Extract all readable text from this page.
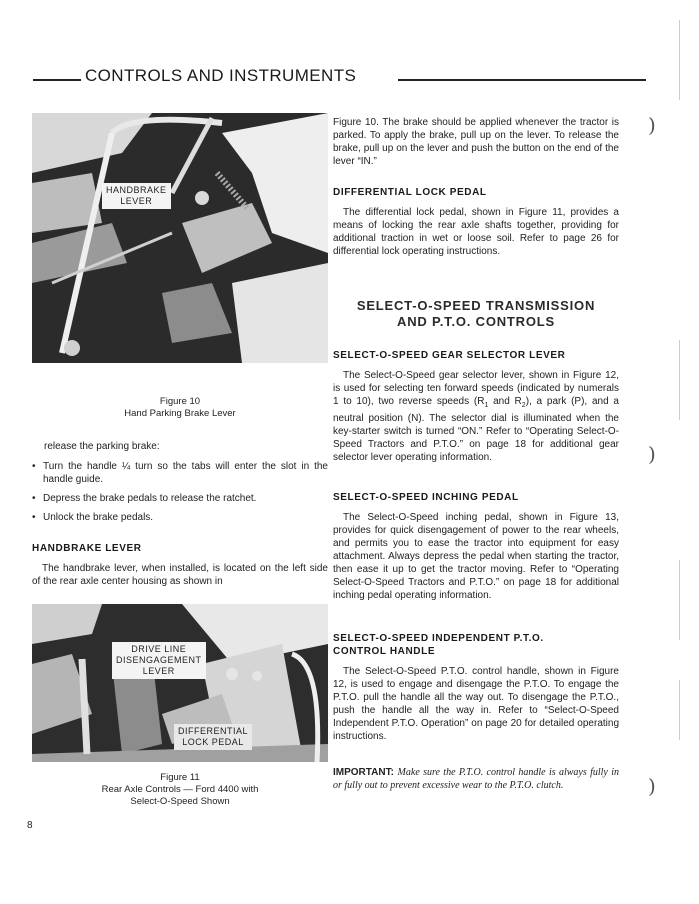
CONTROLS AND INSTRUMENTS
HANDBRAKE
LEVER
Figure 10
Hand Parking Brake Lever
release the parking brake:
• Turn the handle ¼ turn so the tabs will enter the slot in the handle guide.
• Depress the brake pedals to release the ratchet.
• Unlock the brake pedals.
HANDBRAKE LEVER

The handbrake lever, when installed, is located on the left side of the rear axle center housing as shown in

DRIVE LINE
DISENGAGEMENT
LEVER
DIFFERENTIAL
LOCK PEDAL
Figure 11
Rear Axle Controls — Ford 4400 with
Select-O-Speed Shown
8

Figure 10. The brake should be applied whenever the tractor is parked. To apply the brake, pull up on the lever. To release the brake, pull up on the lever and push the button on the end of the lever “IN.”

DIFFERENTIAL LOCK PEDAL

The differential lock pedal, shown in Figure 11, provides a means of locking the rear axle shafts together, providing for additional traction in wet or loose soil. Refer to page 26 for differential lock operating instructions.

SELECT-O-SPEED TRANSMISSION
AND P.T.O. CONTROLS
SELECT-O-SPEED GEAR SELECTOR LEVER

The Select-O-Speed gear selector lever, shown in Figure 12, is used for selecting ten forward speeds (indicated by numerals 1 to 10), two reverse speeds ($R_1$ and $R_2$), a park (P), and a neutral position (N). The selector dial is illuminated when the key-starter switch is turned “ON.” Refer to “Operating Select-O-Speed Tractors and P.T.O.” on page 18 for additional gear selector lever operating information.

SELECT-O-SPEED INCHING PEDAL

The Select-O-Speed inching pedal, shown in Figure 13, provides for quick disengagement of power to the rear wheels, and permits you to ease the tractor into equipment for easy attachment. Always depress the pedal when starting the tractor, then ease it up to get the tractor moving. Refer to “Operating Select-O-Speed Tractors and P.T.O.” on page 18 for additional inching pedal operating information.

SELECT-O-SPEED INDEPENDENT P.T.O.
CONTROL HANDLE

The Select-O-Speed P.T.O. control handle, shown in Figure 12, is used to engage and disengage the P.T.O. To engage the P.T.O. pull the handle all the way out. To disengage the P.T.O., push the handle all the way in. Refer to “Select-O-Speed Independent P.T.O. Operation” on page 20 for detailed operating instructions.

IMPORTANT: Make sure the P.T.O. control handle is always fully in or fully out to prevent excessive wear to the P.T.O. clutch.

)
)
)
